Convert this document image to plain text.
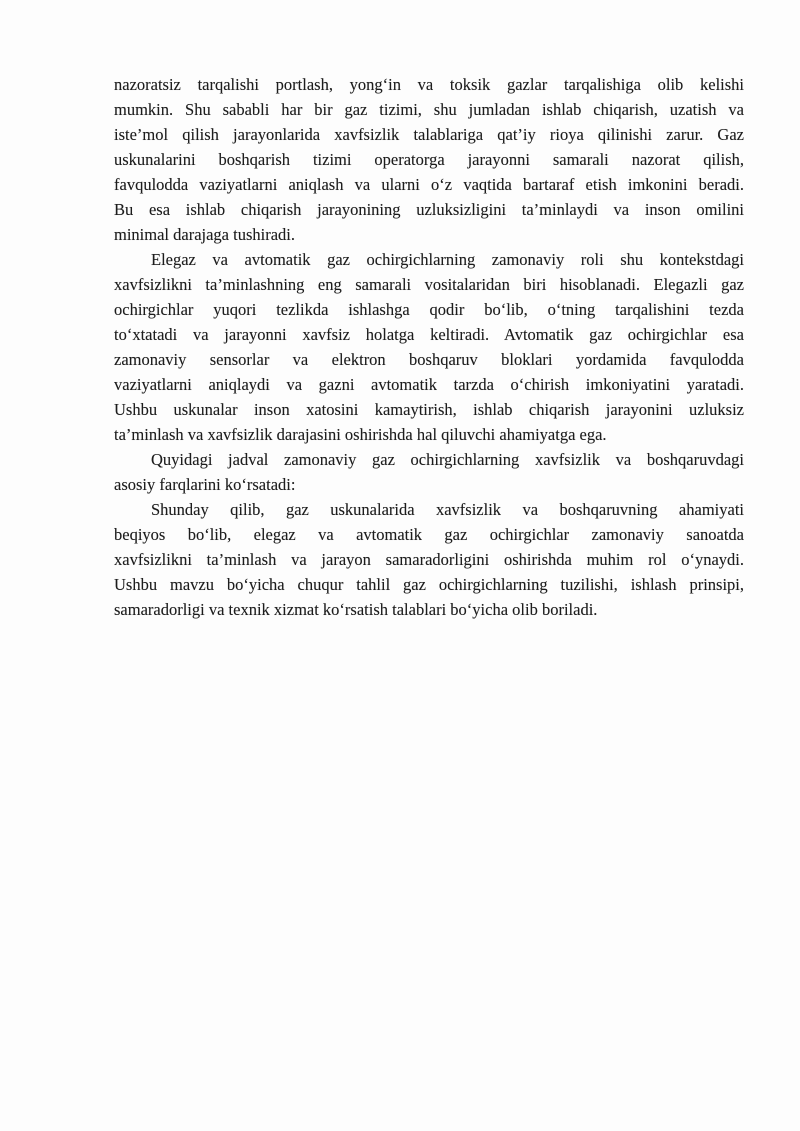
nazoratsiz tarqalishi portlash, yong‘in va toksik gazlar tarqalishiga olib kelishi
mumkin. Shu sababli har bir gaz tizimi, shu jumladan ishlab chiqarish, uzatish va
iste’mol qilish jarayonlarida xavfsizlik talablariga qat’iy rioya qilinishi zarur. Gaz
uskunalarini boshqarish tizimi operatorga jarayonni samarali nazorat qilish,
favqulodda vaziyatlarni aniqlash va ularni o‘z vaqtida bartaraf etish imkonini beradi.
Bu esa ishlab chiqarish jarayonining uzluksizligini ta’minlaydi va inson omilini
minimal darajaga tushiradi.
Elegaz va avtomatik gaz ochirgichlarning zamonaviy roli shu kontekstdagi
xavfsizlikni ta’minlashning eng samarali vositalaridan biri hisoblanadi. Elegazli gaz
ochirgichlar yuqori tezlikda ishlashga qodir bo‘lib, o‘tning tarqalishini tezda
to‘xtatadi va jarayonni xavfsiz holatga keltiradi. Avtomatik gaz ochirgichlar esa
zamonaviy sensorlar va elektron boshqaruv bloklari yordamida favqulodda
vaziyatlarni aniqlaydi va gazni avtomatik tarzda o‘chirish imkoniyatini yaratadi.
Ushbu uskunalar inson xatosini kamaytirish, ishlab chiqarish jarayonini uzluksiz
ta’minlash va xavfsizlik darajasini oshirishda hal qiluvchi ahamiyatga ega.
Quyidagi jadval zamonaviy gaz ochirgichlarning xavfsizlik va boshqaruvdagi
asosiy farqlarini ko‘rsatadi:
Shunday qilib, gaz uskunalarida xavfsizlik va boshqaruvning ahamiyati
beqiyos bo‘lib, elegaz va avtomatik gaz ochirgichlar zamonaviy sanoatda
xavfsizlikni ta’minlash va jarayon samaradorligini oshirishda muhim rol o‘ynaydi.
Ushbu mavzu bo‘yicha chuqur tahlil gaz ochirgichlarning tuzilishi, ishlash prinsipi,
samaradorligi va texnik xizmat ko‘rsatish talablari bo‘yicha olib boriladi.
